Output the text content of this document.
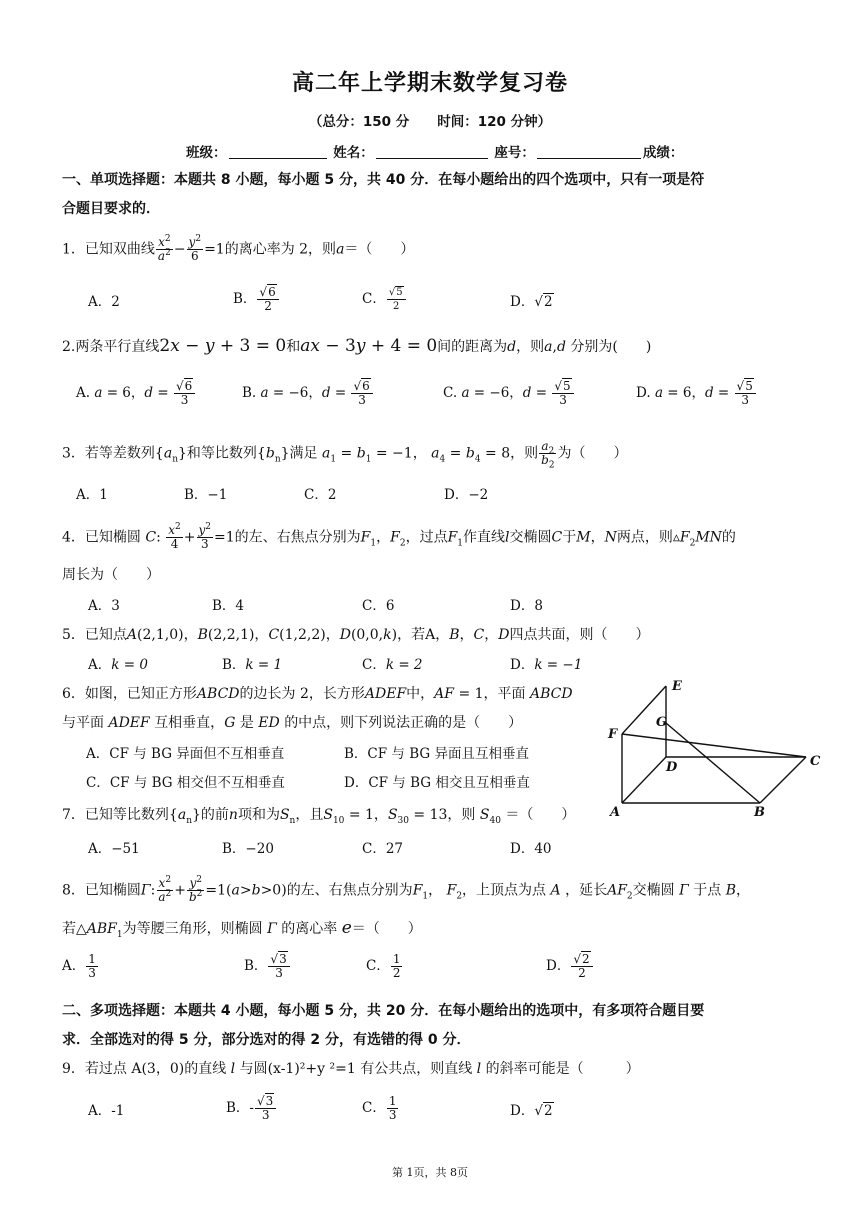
高二年上学期末数学复习卷
（总分：150 分 时间：120 分钟）
班级：	姓名：	座号：	成绩：
一、单项选择题：本题共 8 小题，每小题 5 分，共 40 分．在每小题给出的四个选项中，只有一项是符
合题目要求的．
1．已知双曲线 $\frac{x^2}{a^2} - \frac{y^2}{6} =1$的离心率为 2，则a＝（　　）
A．2	B． $\frac{√6}{2}$	C． $\frac{√5}{2}$	D．√2
2.两条平行直线2x − y + 3 = 0和ax − 3y + 4 = 0间的距离为d，则a,d 分别为(　　)
A. a = 6，$d = \frac{√6}{3}$	B. a = −6，$d = \frac{√6}{3}$	C. a = −6，$d = \frac{√5}{3}$	D. a = 6，$d = \frac{√5}{3}$
3．若等差数列$\{a_n\}$和等比数列$\{b_n\}$满足 $a_1 = b_1 = -1$， $a_4 = b_4 = 8$，则 $\frac{a_2}{b_2}$ 为（　　）
A．1	B．−1	C．2	D．−2
4．已知椭圆 C: $\frac{x^2}{4} + \frac{y^2}{3} =1$的左、右焦点分别为$F_1$，$F_2$，过点$F_1$作直线l交椭圆C于M，N两点，则$▵F_2MN$的
周长为（　　）
A．3	B．4	C．6	D．8
5．已知点A(2,1,0)，B(2,2,1)，C(1,2,2)，D(0,0,k)，若A，B，C，D四点共面，则（　　）
A．k = 0	B．k = 1	C．k = 2	D．k = −1
6．如图，已知正方形ABCD的边长为 2，长方形ADEF中，AF = 1，平面 ABCD
与平面 ADEF 互相垂直，G 是 ED 的中点，则下列说法正确的是（　　）
A．CF 与 BG 异面但不互相垂直	B．CF 与 BG 异面且互相垂直
C．CF 与 BG 相交但不互相垂直	D．CF 与 BG 相交且互相垂直
E
G
F
D	C
A	B
7．已知等比数列$\{a_n\}$的前n项和为$S_n$，且$S_{10} = 1$，$S_{30} = 13$，则 $S_{40}$ ＝（　　）
A．−51	B．−20	C．27	D．40
8．已知椭圆Γ: $\frac{x^2}{a^2} + \frac{y^2}{b^2} =1(a>b>0)$的左、右焦点分别为$F_1$， $F_2$，上顶点为点 A ，延长$AF_2$交椭圆 Γ 于点 B，
若$\triangle ABF_1$为等腰三角形，则椭圆 Γ 的离心率 e＝（　　）
A． $\frac{1}{3}$	B． $\frac{√3}{3}$	C． $\frac{1}{2}$	D． $\frac{√2}{2}$
二、多项选择题：本题共 4 小题，每小题 5 分，共 20 分．在每小题给出的选项中，有多项符合题目要
求．全部选对的得 5 分，部分选对的得 2 分，有选错的得 0 分．
9．若过点 A(3，0)的直线 l 与圆(x-1)²+y ²=1 有公共点，则直线 l 的斜率可能是（　　　）
A．-1	B．- $\frac{√3}{3}$	C． $\frac{1}{3}$	D．√2
第 1页，共 8页
